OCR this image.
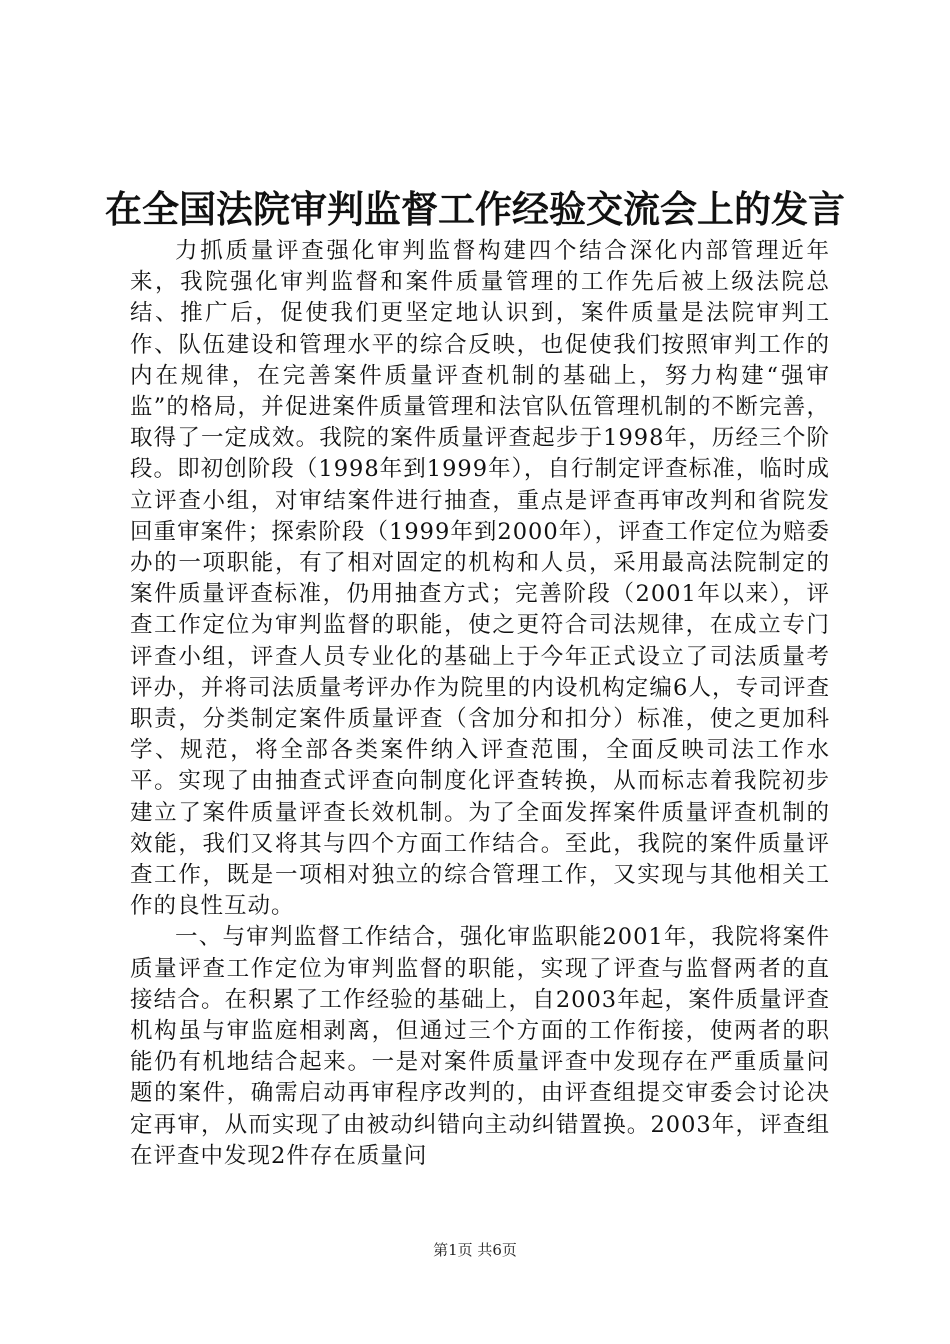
在全国法院审判监督工作经验交流会上的发言

力抓质量评查强化审判监督构建四个结合深化内部管理近年来，我院强化审判监督和案件质量管理的工作先后被上级法院总结、推广后，促使我们更坚定地认识到，案件质量是法院审判工作、队伍建设和管理水平的综合反映，也促使我们按照审判工作的内在规律，在完善案件质量评查机制的基础上，努力构建“强审监”的格局，并促进案件质量管理和法官队伍管理机制的不断完善，取得了一定成效。我院的案件质量评查起步于1998年，历经三个阶段。即初创阶段（1998年到1999年），自行制定评查标准，临时成立评查小组，对审结案件进行抽查，重点是评查再审改判和省院发回重审案件；探索阶段（1999年到2000年），评查工作定位为赔委办的一项职能，有了相对固定的机构和人员，采用最高法院制定的案件质量评查标准，仍用抽查方式；完善阶段（2001年以来），评查工作定位为审判监督的职能，使之更符合司法规律，在成立专门评查小组，评查人员专业化的基础上于今年正式设立了司法质量考评办，并将司法质量考评办作为院里的内设机构定编6人，专司评查职责，分类制定案件质量评查（含加分和扣分）标准，使之更加科学、规范，将全部各类案件纳入评查范围，全面反映司法工作水平。实现了由抽查式评查向制度化评查转换，从而标志着我院初步建立了案件质量评查长效机制。为了全面发挥案件质量评查机制的效能，我们又将其与四个方面工作结合。至此，我院的案件质量评查工作，既是一项相对独立的综合管理工作，又实现与其他相关工作的良性互动。

一、与审判监督工作结合，强化审监职能2001年，我院将案件质量评查工作定位为审判监督的职能，实现了评查与监督两者的直接结合。在积累了工作经验的基础上，自2003年起，案件质量评查机构虽与审监庭相剥离，但通过三个方面的工作衔接，使两者的职能仍有机地结合起来。一是对案件质量评查中发现存在严重质量问题的案件，确需启动再审程序改判的，由评查组提交审委会讨论决定再审，从而实现了由被动纠错向主动纠错置换。2003年，评查组在评查中发现2件存在质量问

第1页 共6页
